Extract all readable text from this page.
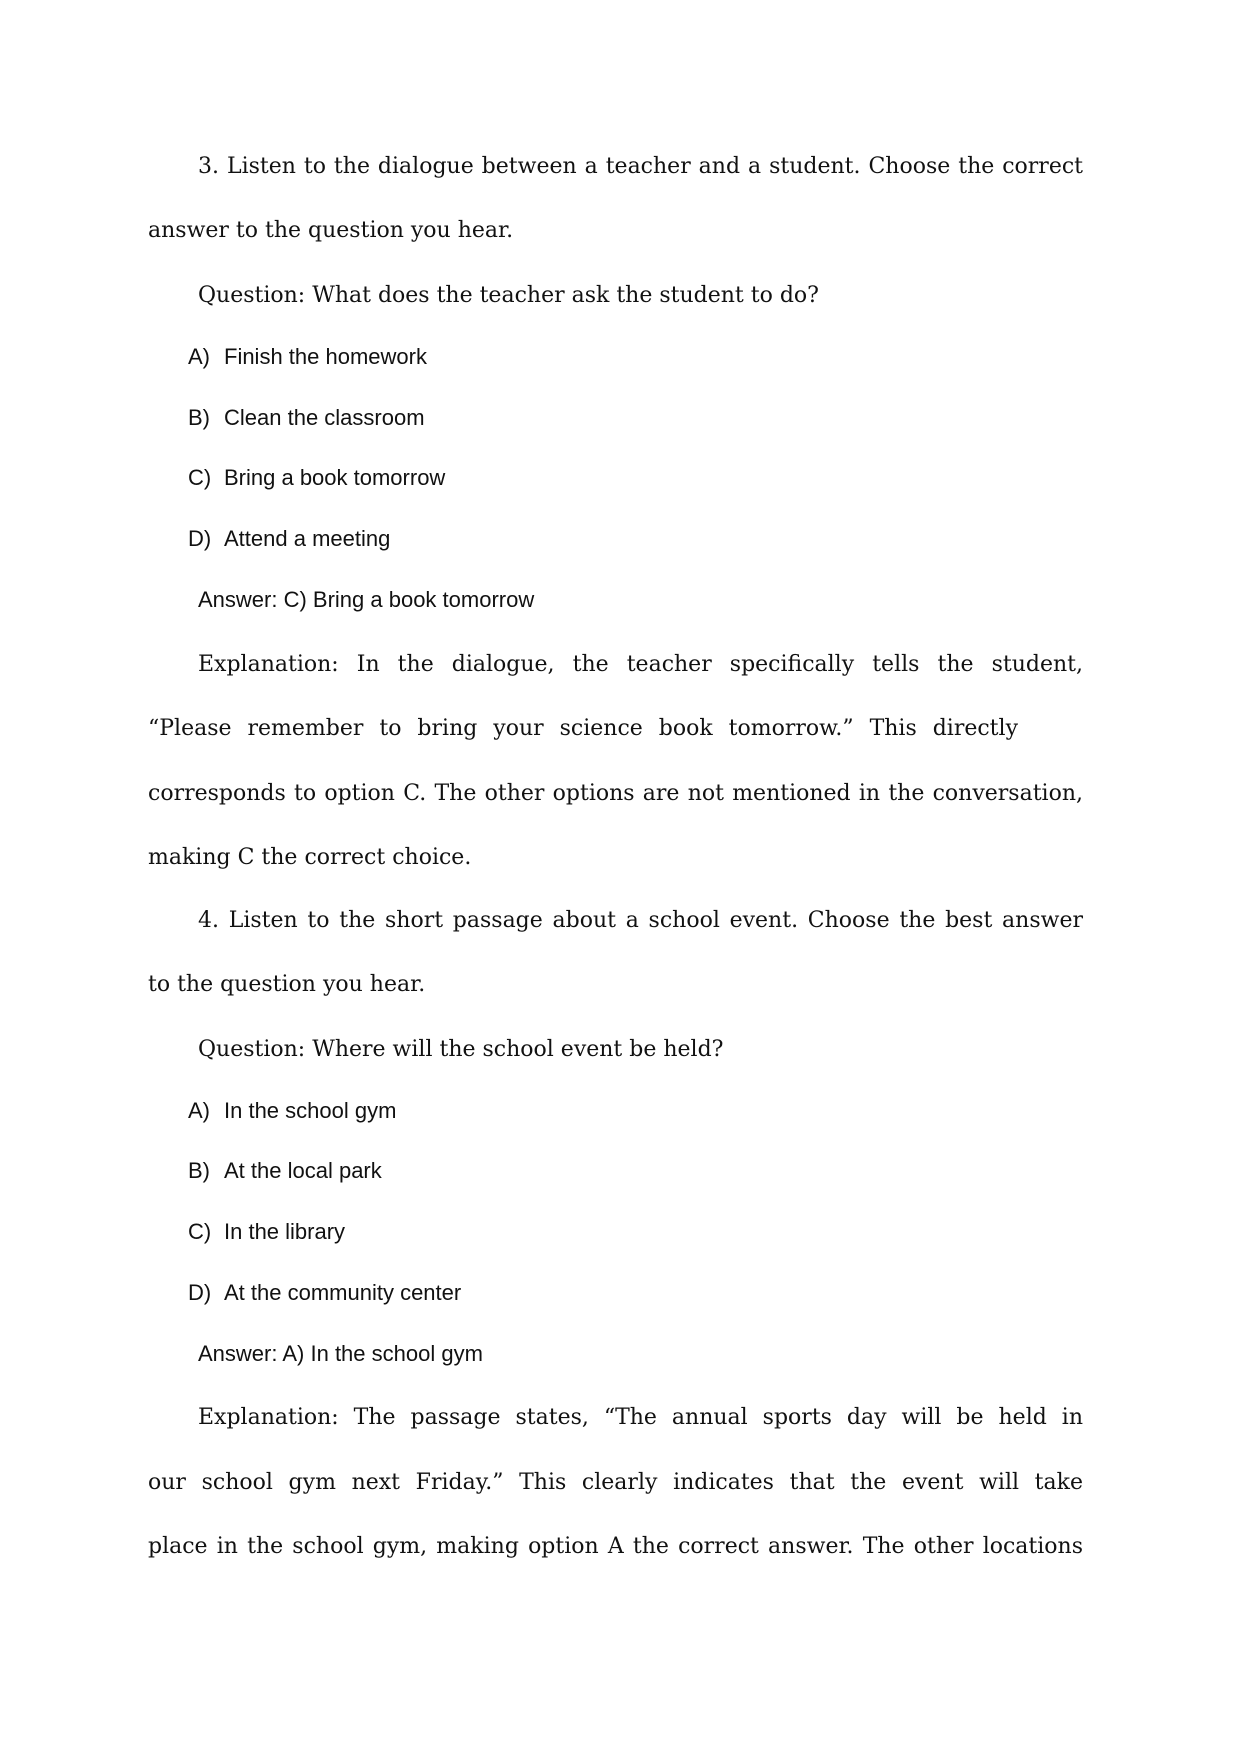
3. Listen to the dialogue between a teacher and a student. Choose the correct
answer to the question you hear.
Question: What does the teacher ask the student to do?
A) Finish the homework
B) Clean the classroom
C) Bring a book tomorrow
D) Attend a meeting
Answer: C) Bring a book tomorrow
Explanation: In the dialogue, the teacher specifically tells the student,
“Please remember to bring your science book tomorrow.” This directly
corresponds to option C. The other options are not mentioned in the conversation,
making C the correct choice.
4. Listen to the short passage about a school event. Choose the best answer
to the question you hear.
Question: Where will the school event be held?
A) In the school gym
B) At the local park
C) In the library
D) At the community center
Answer: A) In the school gym
Explanation: The passage states, “The annual sports day will be held in
our school gym next Friday.” This clearly indicates that the event will take
place in the school gym, making option A the correct answer. The other locations
